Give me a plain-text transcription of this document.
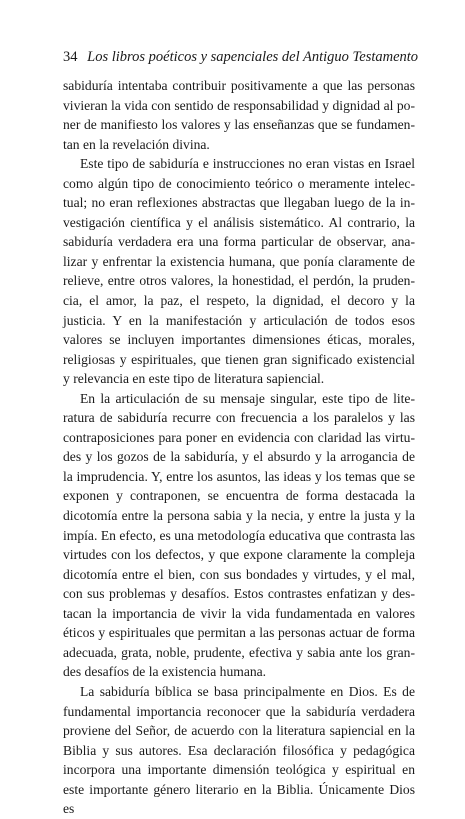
34 Los libros poéticos y sapenciales del Antiguo Testamento

sabiduría intentaba contribuir positivamente a que las personas vivieran la vida con sentido de responsabilidad y dignidad al poner de manifiesto los valores y las enseñanzas que se fundamentan en la revelación divina.

Este tipo de sabiduría e instrucciones no eran vistas en Israel como algún tipo de conocimiento teórico o meramente intelectual; no eran reflexiones abstractas que llegaban luego de la investigación científica y el análisis sistemático. Al contrario, la sabiduría verdadera era una forma particular de observar, analizar y enfrentar la existencia humana, que ponía claramente de relieve, entre otros valores, la honestidad, el perdón, la prudencia, el amor, la paz, el respeto, la dignidad, el decoro y la justicia. Y en la manifestación y articulación de todos esos valores se incluyen importantes dimensiones éticas, morales, religiosas y espirituales, que tienen gran significado existencial y relevancia en este tipo de literatura sapiencial.

En la articulación de su mensaje singular, este tipo de literatura de sabiduría recurre con frecuencia a los paralelos y las contraposiciones para poner en evidencia con claridad las virtudes y los gozos de la sabiduría, y el absurdo y la arrogancia de la imprudencia. Y, entre los asuntos, las ideas y los temas que se exponen y contraponen, se encuentra de forma destacada la dicotomía entre la persona sabia y la necia, y entre la justa y la impía. En efecto, es una metodología educativa que contrasta las virtudes con los defectos, y que expone claramente la compleja dicotomía entre el bien, con sus bondades y virtudes, y el mal, con sus problemas y desafíos. Estos contrastes enfatizan y destacan la importancia de vivir la vida fundamentada en valores éticos y espirituales que permitan a las personas actuar de forma adecuada, grata, noble, prudente, efectiva y sabia ante los grandes desafíos de la existencia humana.

La sabiduría bíblica se basa principalmente en Dios. Es de fundamental importancia reconocer que la sabiduría verdadera proviene del Señor, de acuerdo con la literatura sapiencial en la Biblia y sus autores. Esa declaración filosófica y pedagógica incorpora una importante dimensión teológica y espiritual en este importante género literario en la Biblia. Únicamente Dios es
